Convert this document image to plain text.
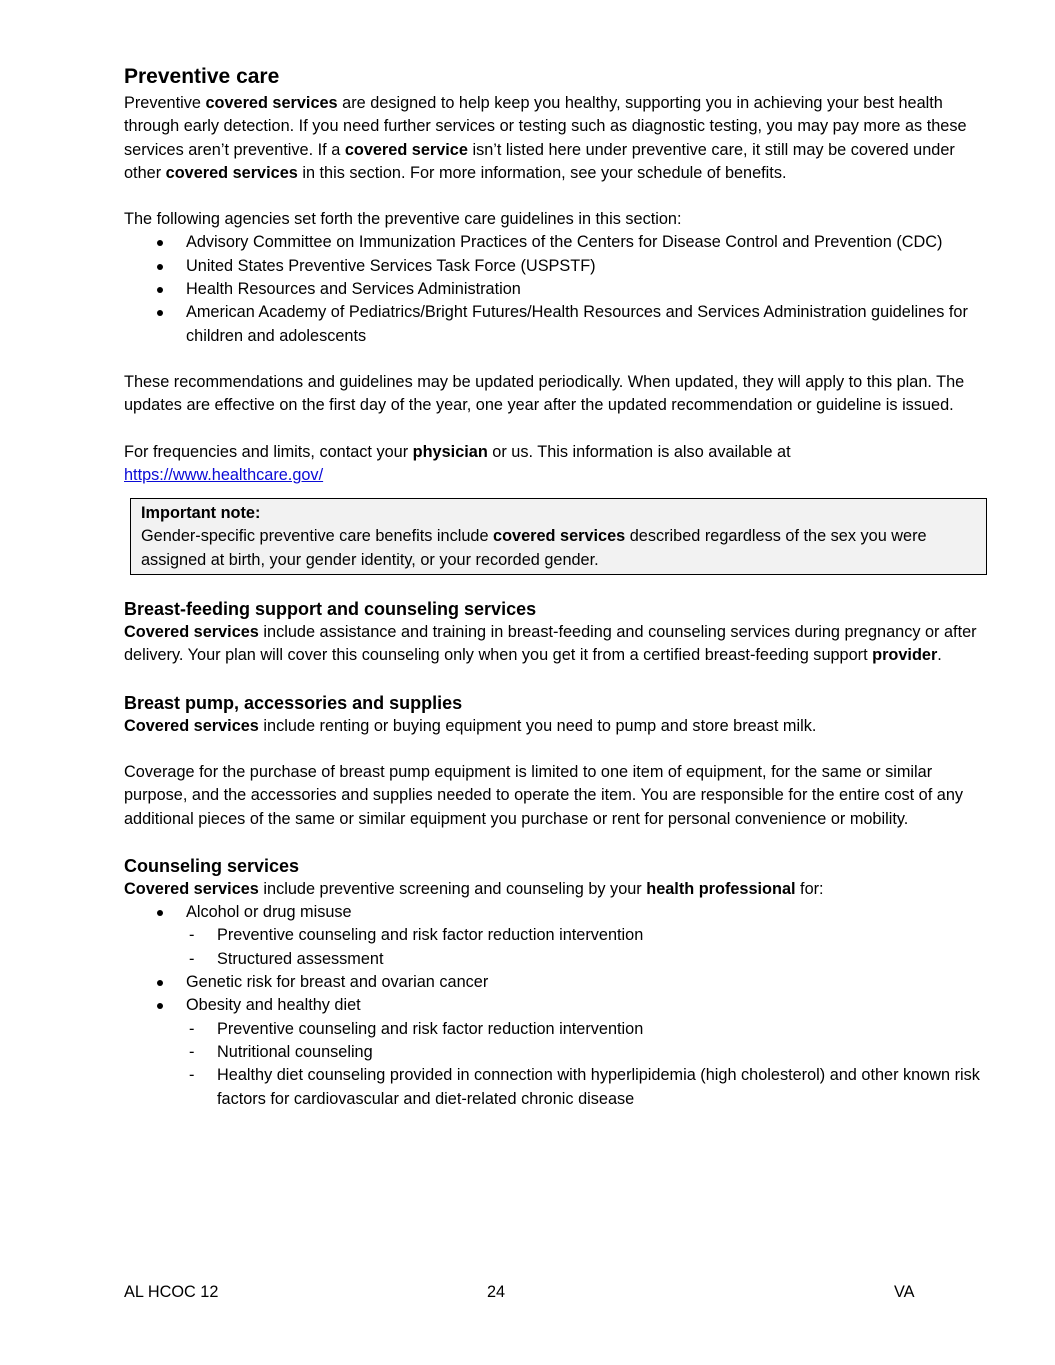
Preventive care

Preventive covered services are designed to help keep you healthy, supporting you in achieving your best health through early detection. If you need further services or testing such as diagnostic testing, you may pay more as these services aren’t preventive. If a covered service isn’t listed here under preventive care, it still may be covered under other covered services in this section. For more information, see your schedule of benefits.

The following agencies set forth the preventive care guidelines in this section:

Advisory Committee on Immunization Practices of the Centers for Disease Control and Prevention (CDC)
United States Preventive Services Task Force (USPSTF)
Health Resources and Services Administration
American Academy of Pediatrics/Bright Futures/Health Resources and Services Administration guidelines for children and adolescents

These recommendations and guidelines may be updated periodically. When updated, they will apply to this plan. The updates are effective on the first day of the year, one year after the updated recommendation or guideline is issued.

For frequencies and limits, contact your physician or us. This information is also available at
https://www.healthcare.gov/

Important note:
Gender-specific preventive care benefits include covered services described regardless of the sex you were assigned at birth, your gender identity, or your recorded gender.
Breast-feeding support and counseling services

Covered services include assistance and training in breast-feeding and counseling services during pregnancy or after delivery. Your plan will cover this counseling only when you get it from a certified breast-feeding support provider.

Breast pump, accessories and supplies

Covered services include renting or buying equipment you need to pump and store breast milk.

Coverage for the purchase of breast pump equipment is limited to one item of equipment, for the same or similar purpose, and the accessories and supplies needed to operate the item. You are responsible for the entire cost of any additional pieces of the same or similar equipment you purchase or rent for personal convenience or mobility.

Counseling services

Covered services include preventive screening and counseling by your health professional for:

Alcohol or drug misuse
- Preventive counseling and risk factor reduction intervention
- Structured assessment
Genetic risk for breast and ovarian cancer
Obesity and healthy diet
- Preventive counseling and risk factor reduction intervention
- Nutritional counseling
- Healthy diet counseling provided in connection with hyperlipidemia (high cholesterol) and other known risk factors for cardiovascular and diet-related chronic disease
AL HCOC 12	24	VA
